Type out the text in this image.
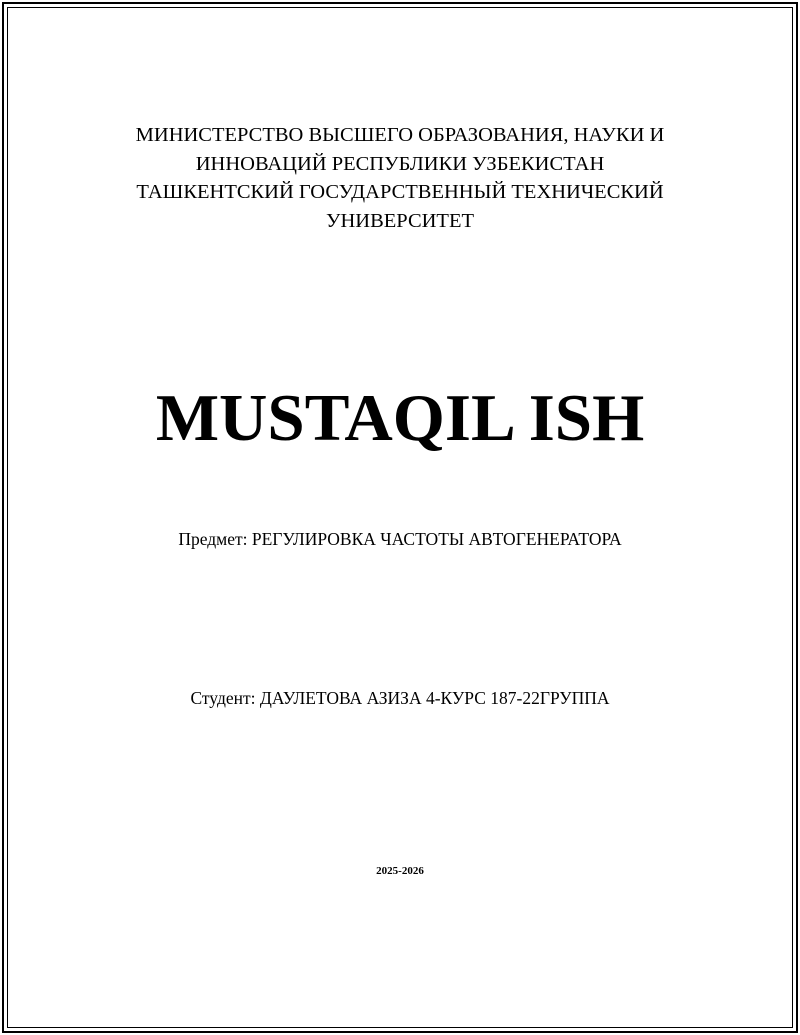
МИНИСТЕРСТВО ВЫСШЕГО ОБРАЗОВАНИЯ, НАУКИ И
ИННОВАЦИЙ РЕСПУБЛИКИ УЗБЕКИСТАН
ТАШКЕНТСКИЙ ГОСУДАРСТВЕННЫЙ ТЕХНИЧЕСКИЙ
УНИВЕРСИТЕТ
MUSTAQIL ISH
Предмет: РЕГУЛИРОВКА ЧАСТОТЫ АВТОГЕНЕРАТОРА
Студент: ДАУЛЕТОВА АЗИЗА 4-КУРС 187-22ГРУППА
2025-2026
